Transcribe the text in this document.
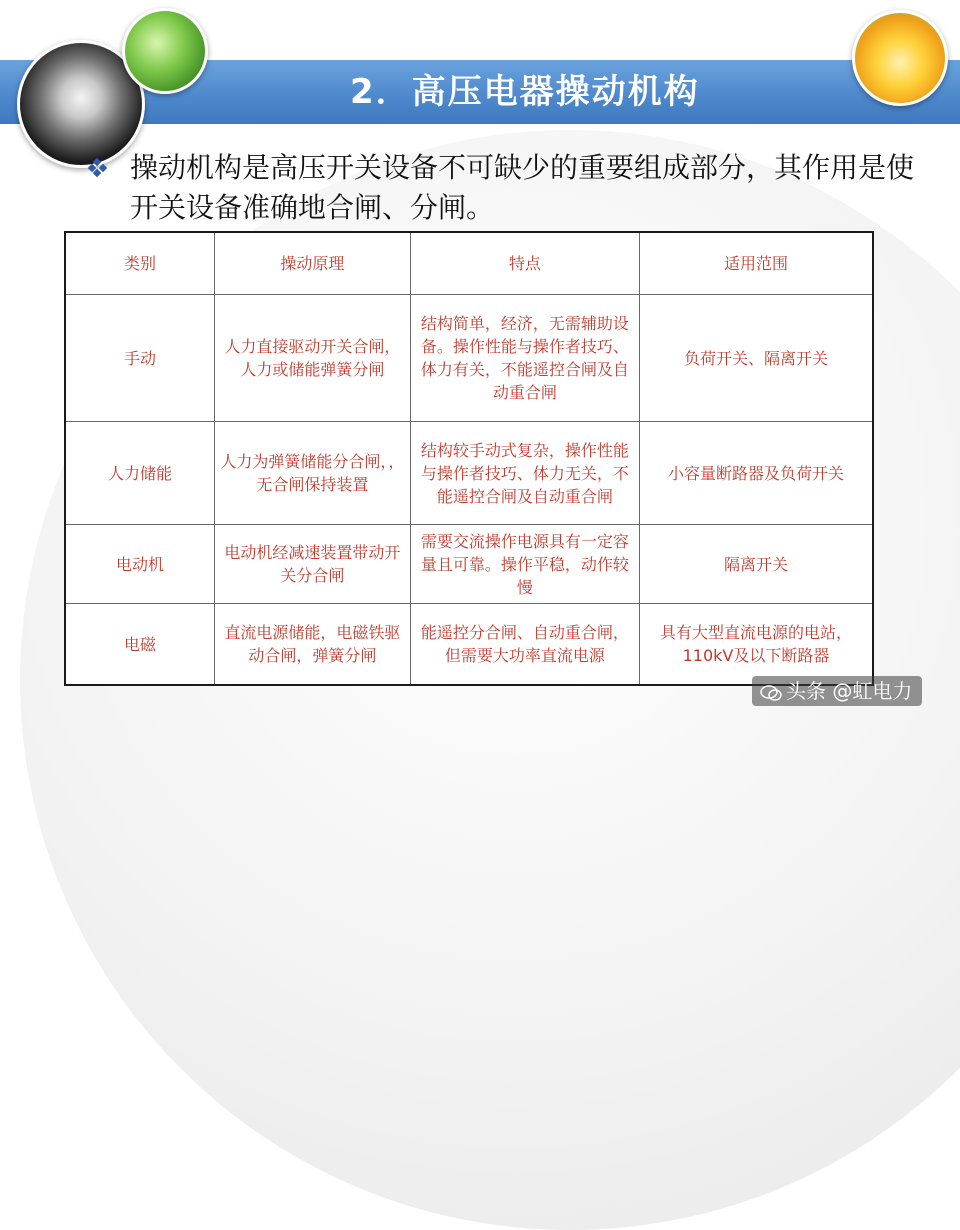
2．高压电器操动机构
操动机构是高压开关设备不可缺少的重要组成部分，其作用是使开关设备准确地合闸、分闸。
类别	操动原理	特点	适用范围
手动	人力直接驱动开关合闸，人力或储能弹簧分闸	结构简单，经济，无需辅助设备。操作性能与操作者技巧、体力有关，不能遥控合闸及自动重合闸	负荷开关、隔离开关
人力储能	人力为弹簧储能分合闸，，无合闸保持装置	结构较手动式复杂，操作性能与操作者技巧、体力无关，不能遥控合闸及自动重合闸	小容量断路器及负荷开关
电动机	电动机经减速装置带动开关分合闸	需要交流操作电源具有一定容量且可靠。操作平稳，动作较慢	隔离开关
电磁	直流电源储能，电磁铁驱动合闸，弹簧分闸	能遥控分合闸、自动重合闸，但需要大功率直流电源	具有大型直流电源的电站，110kV及以下断路器
头条 @虹电力
